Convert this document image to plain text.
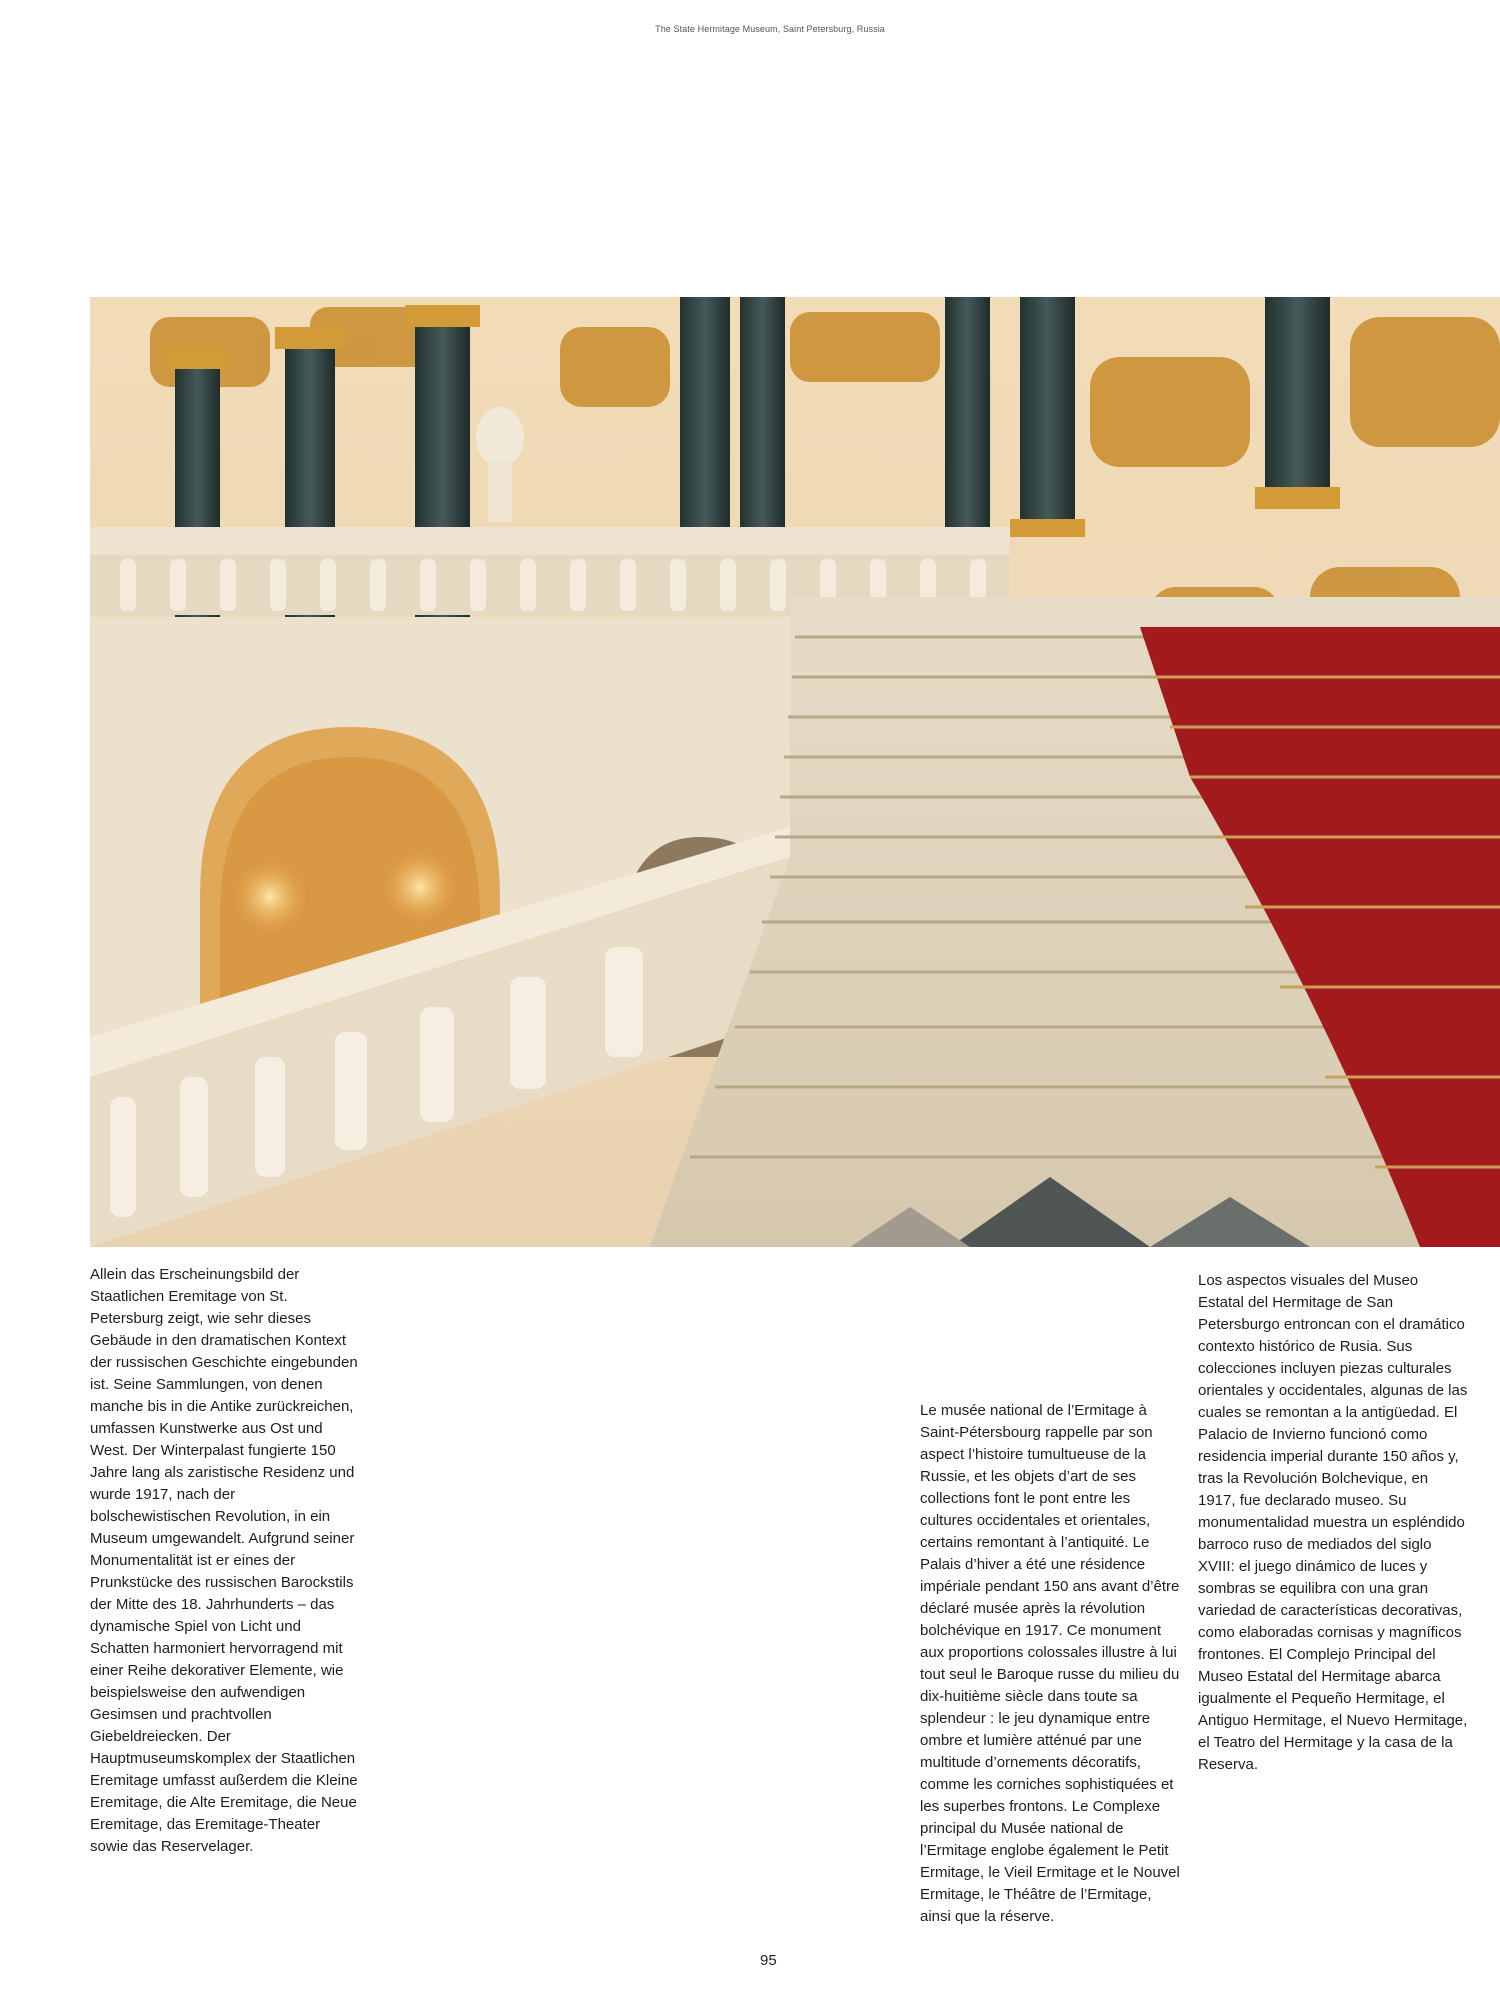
The State Hermitage Museum, Saint Petersburg, Russia

Allein das Erscheinungsbild der Staatlichen Eremitage von St. Petersburg zeigt, wie sehr dieses Gebäude in den dramatischen Kontext der russischen Geschichte eingebunden ist. Seine Sammlungen, von denen manche bis in die Antike zurückreichen, umfassen Kunstwerke aus Ost und West. Der Winterpalast fungierte 150 Jahre lang als zaristische Residenz und wurde 1917, nach der bolschewistischen Revolution, in ein Museum umgewandelt. Aufgrund seiner Monumentalität ist er eines der Prunkstücke des russischen Barockstils der Mitte des 18. Jahrhunderts – das dynamische Spiel von Licht und Schatten harmoniert hervorragend mit einer Reihe dekorativer Elemente, wie beispielsweise den aufwendigen Gesimsen und prachtvollen Giebeldreiecken. Der Hauptmuseumskomplex der Staatlichen Eremitage umfasst außerdem die Kleine Eremitage, die Alte Eremitage, die Neue Eremitage, das Eremitage-Theater sowie das Reservelager.

Le musée national de l’Ermitage à Saint-Pétersbourg rappelle par son aspect l’histoire tumultueuse de la Russie, et les objets d’art de ses collections font le pont entre les cultures occidentales et orientales, certains remontant à l’antiquité. Le Palais d’hiver a été une résidence impériale pendant 150 ans avant d’être déclaré musée après la révolution bolchévique en 1917. Ce monument aux proportions colossales illustre à lui tout seul le Baroque russe du milieu du dix-huitième siècle dans toute sa splendeur : le jeu dynamique entre ombre et lumière atténué par une multitude d’ornements décoratifs, comme les corniches sophistiquées et les superbes frontons. Le Complexe principal du Musée national de l’Ermitage englobe également le Petit Ermitage, le Vieil Ermitage et le Nouvel Ermitage, le Théâtre de l’Ermitage, ainsi que la réserve.

Los aspectos visuales del Museo Estatal del Hermitage de San Petersburgo entroncan con el dramático contexto histórico de Rusia. Sus colecciones incluyen piezas culturales orientales y occidentales, algunas de las cuales se remontan a la antigüedad. El Palacio de Invierno funcionó como residencia imperial durante 150 años y, tras la Revolución Bolchevique, en 1917, fue declarado museo. Su monumentalidad muestra un espléndido barroco ruso de mediados del siglo XVIII: el juego dinámico de luces y sombras se equilibra con una gran variedad de características decorativas, como elaboradas cornisas y magníficos frontones. El Complejo Principal del Museo Estatal del Hermitage abarca igualmente el Pequeño Hermitage, el Antiguo Hermitage, el Nuevo Hermitage, el Teatro del Hermitage y la casa de la Reserva.

95
